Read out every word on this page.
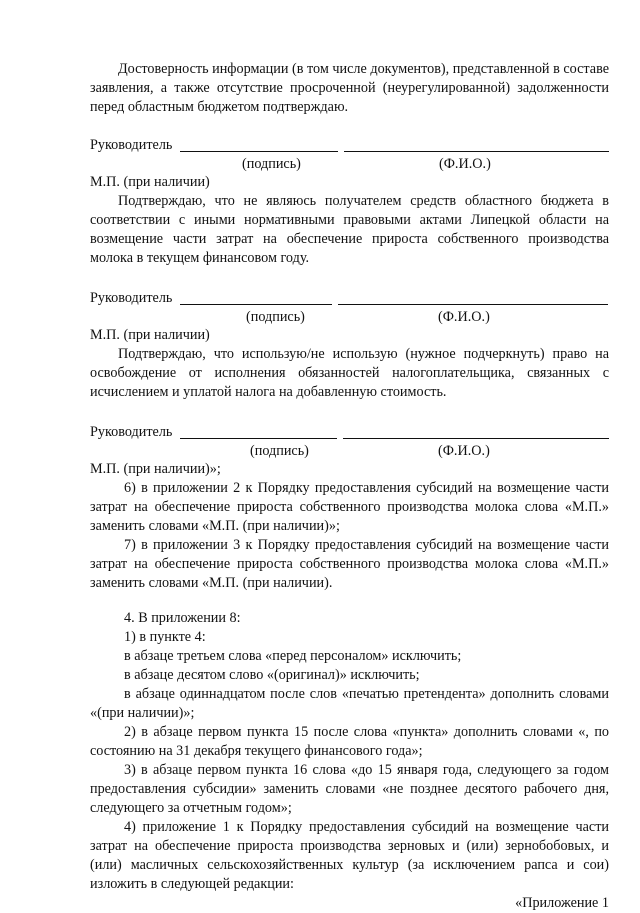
Достоверность информации (в том числе документов), представленной в составе заявления, а также отсутствие просроченной (неурегулированной) задолженности перед областным бюджетом подтверждаю.

Руководитель
(подпись)	(Ф.И.О.)

М.П. (при наличии)

Подтверждаю, что не являюсь получателем средств областного бюджета в соответствии с иными нормативными правовыми актами Липецкой области на возмещение части затрат на обеспечение прироста собственного производства молока в текущем финансовом году.

Руководитель
(подпись)	(Ф.И.О.)

М.П. (при наличии)

Подтверждаю, что использую/не использую (нужное подчеркнуть) право на освобождение от исполнения обязанностей налогоплательщика, связанных с исчислением и уплатой налога на добавленную стоимость.

Руководитель
(подпись)	(Ф.И.О.)

М.П. (при наличии)»;

6) в приложении 2 к Порядку предоставления субсидий на возмещение части затрат на обеспечение прироста собственного производства молока слова «М.П.» заменить словами «М.П. (при наличии)»;

7) в приложении 3 к Порядку предоставления субсидий на возмещение части затрат на обеспечение прироста собственного производства молока слова «М.П.» заменить словами «М.П. (при наличии).

4. В приложении 8:

1) в пункте 4:

в абзаце третьем слова «перед персоналом» исключить;

в абзаце десятом слово «(оригинал)» исключить;

в абзаце одиннадцатом после слов «печатью претендента» дополнить словами «(при наличии)»;

2) в абзаце первом пункта 15 после слова «пункта» дополнить словами «, по состоянию на 31 декабря текущего финансового года»;

3) в абзаце первом пункта 16 слова «до 15 января года, следующего за годом предоставления субсидии» заменить словами «не позднее десятого рабочего дня, следующего за отчетным годом»;

4) приложение 1 к Порядку предоставления субсидий на возмещение части затрат на обеспечение прироста производства зерновых и (или) зернобобовых, и (или) масличных сельскохозяйственных культур (за исключением рапса и сои) изложить в следующей редакции:

«Приложение 1
